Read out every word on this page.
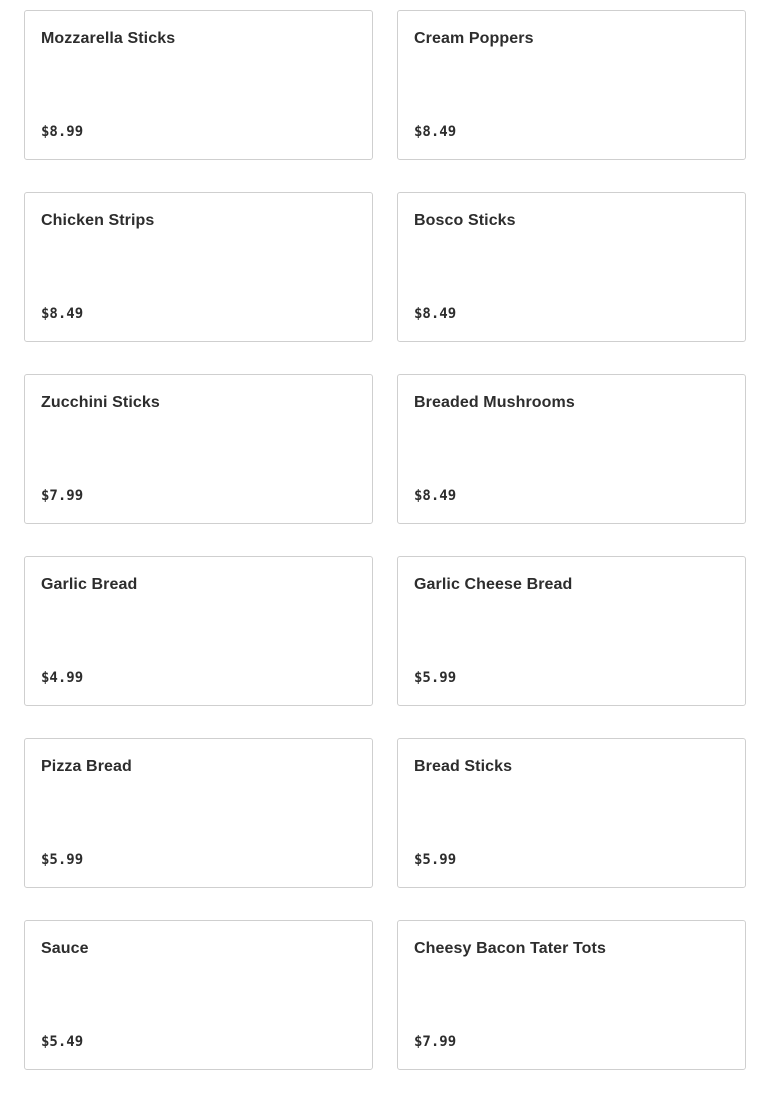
Mozzarella Sticks
$8.99
Cream Poppers
$8.49
Chicken Strips
$8.49
Bosco Sticks
$8.49
Zucchini Sticks
$7.99
Breaded Mushrooms
$8.49
Garlic Bread
$4.99
Garlic Cheese Bread
$5.99
Pizza Bread
$5.99
Bread Sticks
$5.99
Sauce
$5.49
Cheesy Bacon Tater Tots
$7.99
